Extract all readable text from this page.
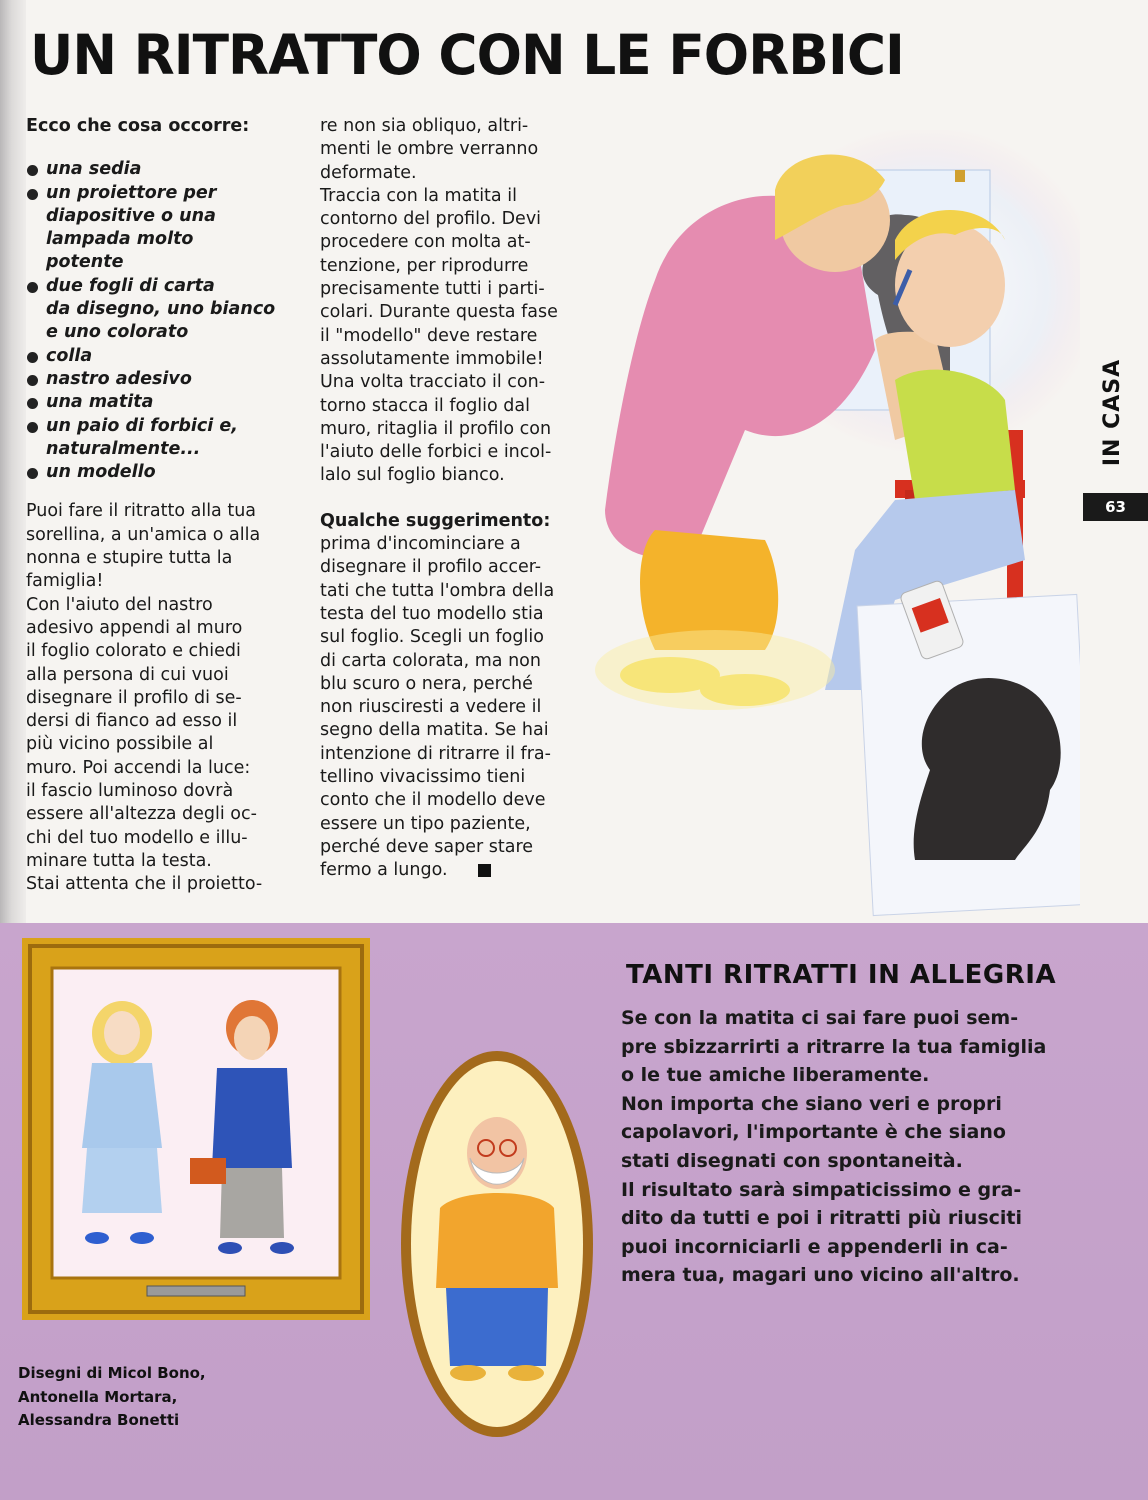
UN RITRATTO CON LE FORBICI

Ecco che cosa occorre:

una sedia
un proiettore per
diapositive o una
lampada molto potente
due fogli di carta
da disegno, uno bianco
e uno colorato
colla
nastro adesivo
una matita
un paio di forbici e,
naturalmente...
un modello

Puoi fare il ritratto alla tua

sorellina, a un'amica o alla

nonna e stupire tutta la

famiglia!

Con l'aiuto del nastro

adesivo appendi al muro

il foglio colorato e chiedi

alla persona di cui vuoi

disegnare il profilo di se-

dersi di fianco ad esso il

più vicino possibile al

muro. Poi accendi la luce:

il fascio luminoso dovrà

essere all'altezza degli oc-

chi del tuo modello e illu-

minare tutta la testa.

Stai attenta che il proietto-

re non sia obliquo, altri-

menti le ombre verranno

deformate.

Traccia con la matita il

contorno del profilo. Devi

procedere con molta at-

tenzione, per riprodurre

precisamente tutti i parti-

colari. Durante questa fase

il "modello" deve restare

assolutamente immobile!

Una volta tracciato il con-

torno stacca il foglio dal

muro, ritaglia il profilo con

l'aiuto delle forbici e incol-

lalo sul foglio bianco.

Qualche suggerimento:

prima d'incominciare a

disegnare il profilo accer-

tati che tutta l'ombra della

testa del tuo modello stia

sul foglio. Scegli un foglio

di carta colorata, ma non

blu scuro o nera, perché

non riusciresti a vedere il

segno della matita. Se hai

intenzione di ritrarre il fra-

tellino vivacissimo tieni

conto che il modello deve

essere un tipo paziente,

perché deve saper stare

fermo a lungo.

IN CASA
63
TANTI RITRATTI IN ALLEGRIA

Se con la matita ci sai fare puoi sem-

pre sbizzarrirti a ritrarre la tua famiglia

o le tue amiche liberamente.

Non importa che siano veri e propri

capolavori, l'importante è che siano

stati disegnati con spontaneità.

Il risultato sarà simpaticissimo e gra-

dito da tutti e poi i ritratti più riusciti

puoi incorniciarli e appenderli in ca-

mera tua, magari uno vicino all'altro.

Disegni di Micol Bono,
Antonella Mortara,
Alessandra Bonetti
